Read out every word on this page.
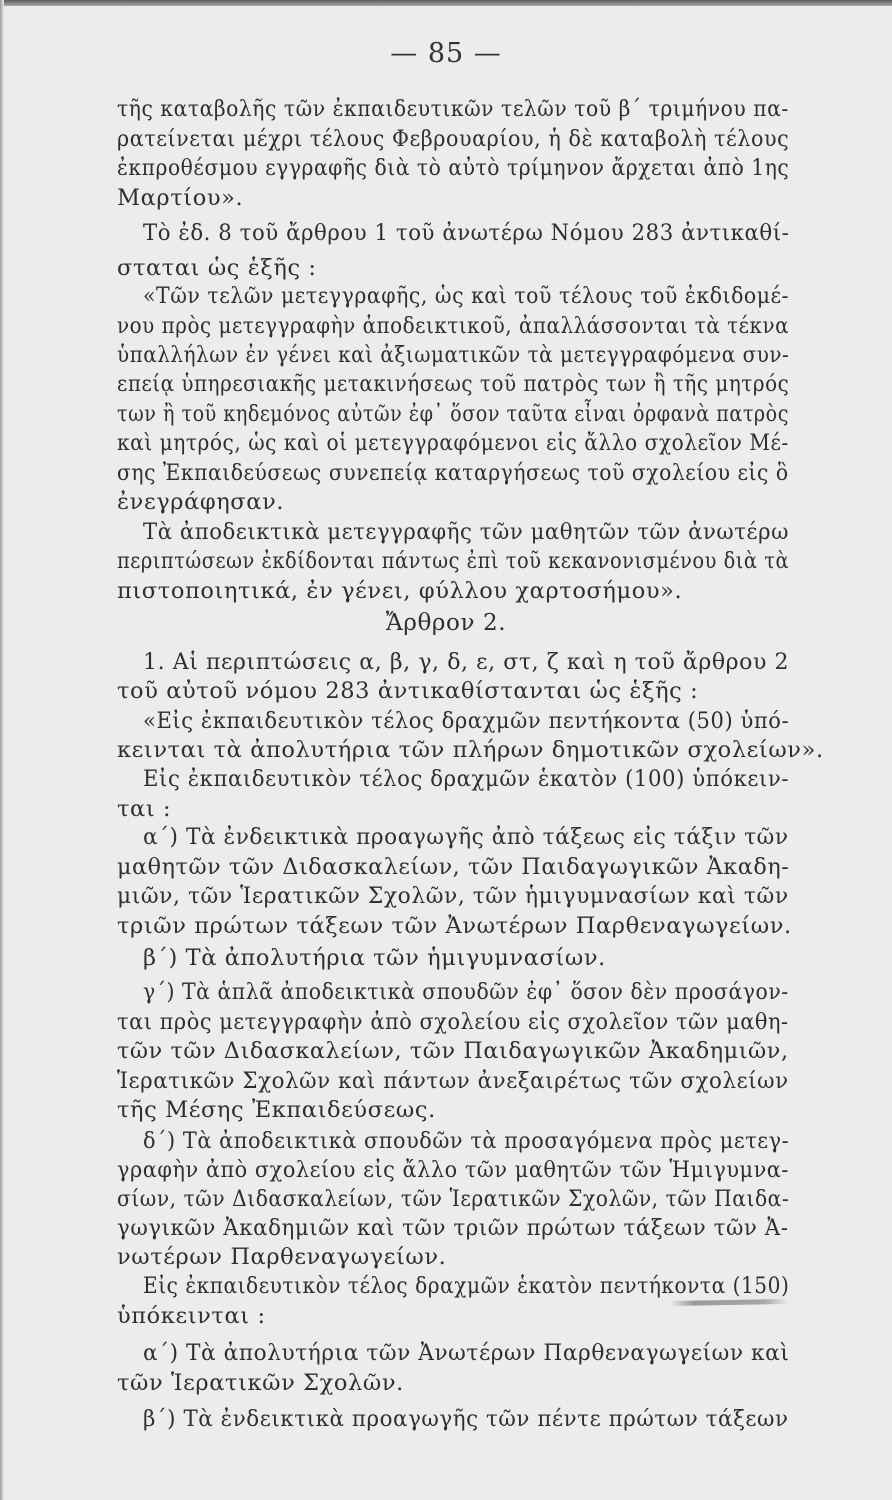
— 85 —
τῆς καταβολῆς τῶν ἐκπαιδευτικῶν τελῶν τοῦ β΄ τριμήνου πα-
ρατείνεται μέχρι τέλους Φεβρουαρίου, ἡ δὲ καταβολὴ τέλους
ἐκπροθέσμου εγγραφῆς διὰ τὸ αὐτὸ τρίμηνον ἄρχεται ἀπὸ 1ης
Μαρτίου».
Τὸ ἐδ. 8 τοῦ ἄρθρου 1 τοῦ ἀνωτέρω Νόμου 283 ἀντικαθί-
σταται ὡς ἑξῆς :
«Τῶν τελῶν μετεγγραφῆς, ὡς καὶ τοῦ τέλους τοῦ ἐκδιδομέ-
νου πρὸς μετεγγραφὴν ἀποδεικτικοῦ, ἀπαλλάσσονται τὰ τέκνα
ὑπαλλήλων ἐν γένει καὶ ἀξιωματικῶν τὰ μετεγγραφόμενα συν-
επείᾳ ὑπηρεσιακῆς μετακινήσεως τοῦ πατρὸς των ἢ τῆς μητρός
των ἢ τοῦ κηδεμόνος αὐτῶν ἐφ᾽ ὅσον ταῦτα εἶναι ὀρφανὰ πατρὸς
καὶ μητρός, ὡς καὶ οἱ μετεγγραφόμενοι εἰς ἄλλο σχολεῖον Μέ-
σης Ἐκπαιδεύσεως συνεπείᾳ καταργήσεως τοῦ σχολείου εἰς ὃ
ἐνεγράφησαν.
Τὰ ἀποδεικτικὰ μετεγγραφῆς τῶν μαθητῶν τῶν ἀνωτέρω
περιπτώσεων ἐκδίδονται πάντως ἐπὶ τοῦ κεκανονισμένου διὰ τὰ
πιστοποιητικά, ἐν γένει, φύλλου χαρτοσήμου».
Ἄρθρον 2.
1. Αἱ περιπτώσεις α, β, γ, δ, ε, στ, ζ καὶ η τοῦ ἄρθρου 2
τοῦ αὐτοῦ νόμου 283 ἀντικαθίστανται ὡς ἑξῆς :
«Εἰς ἐκπαιδευτικὸν τέλος δραχμῶν πεντήκοντα (50) ὑπό-
κεινται τὰ ἀπολυτήρια τῶν πλήρων δημοτικῶν σχολείων».
Εἰς ἐκπαιδευτικὸν τέλος δραχμῶν ἑκατὸν (100) ὑπόκειν-
ται :
α΄) Τὰ ἐνδεικτικὰ προαγωγῆς ἀπὸ τάξεως εἰς τάξιν τῶν
μαθητῶν τῶν Διδασκαλείων, τῶν Παιδαγωγικῶν Ἀκαδη-
μιῶν, τῶν Ἱερατικῶν Σχολῶν, τῶν ἡμιγυμνασίων καὶ τῶν
τριῶν πρώτων τάξεων τῶν Ἀνωτέρων Παρθεναγωγείων.
β΄) Τὰ ἀπολυτήρια τῶν ἡμιγυμνασίων.
γ΄) Τὰ ἁπλᾶ ἀποδεικτικὰ σπουδῶν ἐφ᾽ ὅσον δὲν προσάγον-
ται πρὸς μετεγγραφὴν ἀπὸ σχολείου εἰς σχολεῖον τῶν μαθη-
τῶν τῶν Διδασκαλείων, τῶν Παιδαγωγικῶν Ἀκαδημιῶν,
Ἱερατικῶν Σχολῶν καὶ πάντων ἀνεξαιρέτως τῶν σχολείων
τῆς Μέσης Ἐκπαιδεύσεως.
δ΄) Τὰ ἀποδεικτικὰ σπουδῶν τὰ προσαγόμενα πρὸς μετεγ-
γραφὴν ἀπὸ σχολείου εἰς ἄλλο τῶν μαθητῶν τῶν Ἡμιγυμνα-
σίων, τῶν Διδασκαλείων, τῶν Ἱερατικῶν Σχολῶν, τῶν Παιδα-
γωγικῶν Ἀκαδημιῶν καὶ τῶν τριῶν πρώτων τάξεων τῶν Ἀ-
νωτέρων Παρθεναγωγείων.
Εἰς ἐκπαιδευτικὸν τέλος δραχμῶν ἑκατὸν πεντήκοντα (150)
ὑπόκεινται :
α΄) Τὰ ἀπολυτήρια τῶν Ἀνωτέρων Παρθεναγωγείων καὶ
τῶν Ἱερατικῶν Σχολῶν.
β΄) Τὰ ἐνδεικτικὰ προαγωγῆς τῶν πέντε πρώτων τάξεων
